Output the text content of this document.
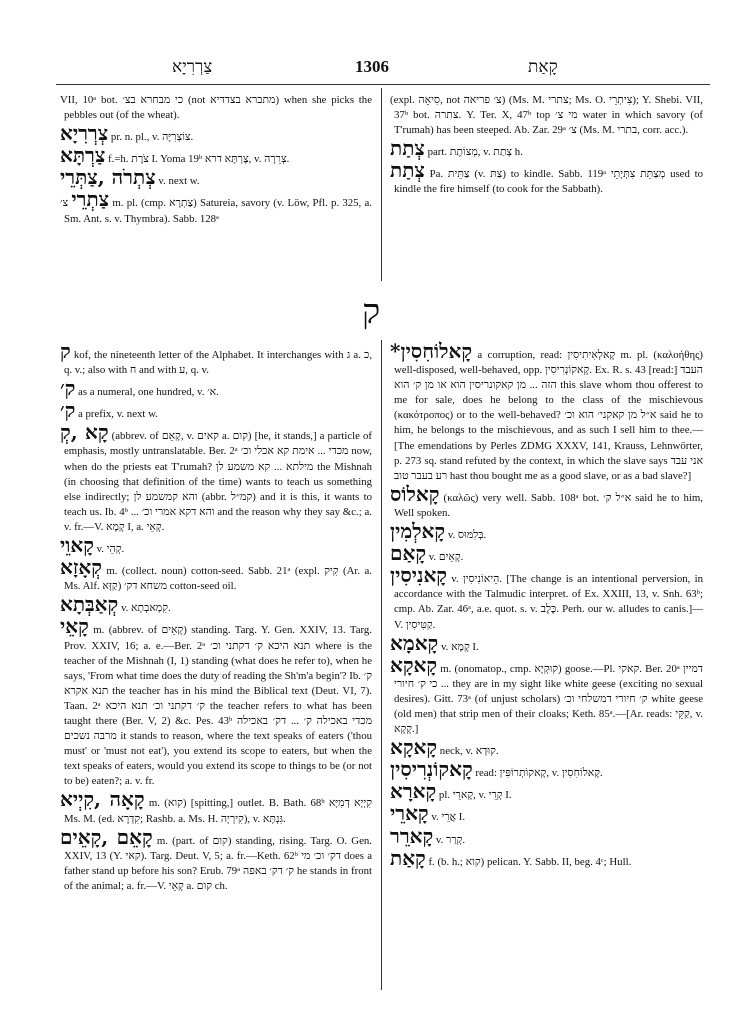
צַרְרִיָא	1306	קָאַת

VII, 10ᵃ bot. כי מבחרא בצ׳ (not מתברא בצדדיא) when she picks the pebbles out (of the wheat).

צְרְרִיָא pr. n. pl., v. צוֹצְרִיָּה.

צַרְתָּא f.=h. צֹרֶת I. Yoma 19ᵇ צָרְתָּא דרא, v. צְרֵרָה.

צְתְרֹה ,צַתְּרֵי v. next w.

צַתְרֵי צ׳ m. pl. (cmp. צַתְרָא) Satureia, savory (v. Löw, Pfl. p. 325, a. Sm. Ant. s. v. Thymbra). Sabb. 128ᵃ

(expl. סִיאָה, not צ׳ פריאה) (Ms. M. צתרי; Ms. O. צִיתְרֵי); Y. Shebi. VII, 37ᵇ bot. צתרה. Y. Ter. X, 47ᵇ top מי צ׳ water in which savory (of T'rumah) has been steeped. Ab. Zar. 29ᵃ צ׳ (Ms. M. בתרי, corr. acc.).

צְתַת part. מְצוֹתֶת, v. צְתַת h.

צְתַת Pa. צַתֵּית (v. צַתּ) to kindle. Sabb. 119ᵃ מְצַתֵּת צִתְּיָתֵי used to kindle the fire himself (to cook for the Sabbath).

ק

ק kof, the nineteenth letter of the Alphabet. It interchanges with ג a. כ, q. v.; also with ח and with ע, q. v.

ק׳ as a numeral, one hundred, v. א׳.

ק׳ a prefix, v. next w.

קָא ,קְ (abbrev. of קָאֵם, v. קאים a. קום) [he, it stands,] a particle of emphasis, mostly untranslatable. Ber. 2ᵃ מכדי ... אימת קא אכלי וכ׳ now, when do the priests eat T'rumah? מילתא ... קא משמע לן the Mishnah (in choosing that definition of the time) wants to teach us something else indirectly; והא קמשמע לן (abbr. קמ״ל) and it is this, it wants to teach us. Ib. 4ᵇ ... והא דקא אמרי וכ׳ and the reason why they say &c.; a. v. fr.—V. קָמָא I, a. קְאֵי.

קָאוֵי v. קְהֵי.

קְאָזָא m. (collect. noun) cotton-seed. Sabb. 21ᵃ (expl. קִיק (Ar. a. Ms. Alf. קַזָּא) משחא דק׳ cotton-seed oil.

קְאַבְּתָא v. קִמְאבְתָא.

קָאֵי m. (abbrev. of קָאֵים) standing. Targ. Y. Gen. XXIV, 13. Targ. Prov. XXIV, 16; a. e.—Ber. 2ᵃ תנא היכא ק׳ דקתני וכ׳ where is the teacher of the Mishnah (I, 1) standing (what does he refer to), when he says, 'From what time does the duty of reading the Sh'm'a begin'? Ib. ק׳ תנא אקרא the teacher has in his mind the Biblical text (Deut. VI, 7). Taan. 2ᵃ ק׳ דקתני וכ׳ תנא היכא the teacher refers to what has been taught there (Ber. V, 2) &c. Pes. 43ᵇ מכדי באכילה ק׳ ... דק׳ באכילה מרבה נשכים it stands to reason, where the text speaks of eaters ('thou must' or 'must not eat'), you extend its scope to eaters, but when the text speaks of eaters, would you extend its scope to things to be (or not to be) eaten?; a. v. fr.

קָאָה ,קִיְיא m. (קוא) [spitting,] outlet. B. Bath. 68ᵇ קִיְיָא דְמִיָּא Ms. M. (ed. קִדְרָא; Rashb. a. Ms. H. קִירְיָה), v. גִּנְתָּא.

קָאֵם ,קָאֵים m. (part. of קום) standing, rising. Targ. O. Gen. XXIV, 13 (Y. קאי). Targ. Deut. V, 5; a. fr.—Keth. 62ᵇ דק׳ וכ׳ מי does a father stand up before his son? Erub. 79ᵃ ק׳ דק׳ באפה he stands in front of the animal; a. fr.—V. קָאֵי a. קום ch.

*קָאלוֹחִסִין a corruption, read: קָאלְאִיתִיסִין m. pl. (καλοήθης) well-disposed, well-behaved, opp. קָאקוֹנְרִיסִין. Ex. R. s. 43 [read:] העבד הזה ... מן קאקונריסין הוא או מן ק׳ הוא this slave whom thou offerest to me for sale, does he belong to the class of the mischievous (κακότροπος) or to the well-behaved? א״ל מן קאקני׳ הוא וכ׳ said he to him, he belongs to the mischievous, and as such I sell him to thee.—[The emendations by Perles ZDMG XXXV, 141, Krauss, Lehnwörter, p. 273 sq. stand refuted by the context, in which the slave says אני עבד רע בעבר טוב hast thou bought me as a good slave, or as a bad slave?]

קָאלוֹס (καλῶς) very well. Sabb. 108ᵃ bot. א״ל ק׳ said he to him, Well spoken.

קָאלְמִין v. בְּלִמּוּס.

קָאַם v. קָאֵים.

קָאנִיסִין v. הֵיאוֹנִיסִין. [The change is an intentional perversion, in accordance with the Talmudic interpret. of Ex. XXIII, 13, v. Snh. 63ᵇ; cmp. Ab. Zar. 46ᵃ, a.e. quot. s. v. כֶּלֶב. Perh. our w. alludes to canis.]—V. קַטִּיסִין.

קָאמָא v. קָמָא I.

קָאקָא m. (onomatop., cmp. קוּקְיָא) goose.—Pl. קאקי. Ber. 20ᵃ דמיין ... כי ק׳ חיורי they are in my sight like white geese (exciting no sexual desires). Gitt. 73ᵃ (of unjust scholars) ק׳ חיורי דמשלחי וכ׳ white geese (old men) that strip men of their cloaks; Keth. 85ᵃ.—[Ar. reads: קַקֵּי, v. קָקָא.]

קָאקָא neck, v. קוּדְא.

קָאקוֹנְרִיסִין read: קָאקוֹתְרוֹפִּין, v. קָאלוֹחִסִין.

קָארָא pl. קָארֵי, v. קְרֵי I.

קָארֵי v. אֲרֵי I.

קָארֵר v. קְרַר.

קָאַת f. (b. h.; קוא) pelican. Y. Sabb. II, beg. 4ᶜ; Hull.
